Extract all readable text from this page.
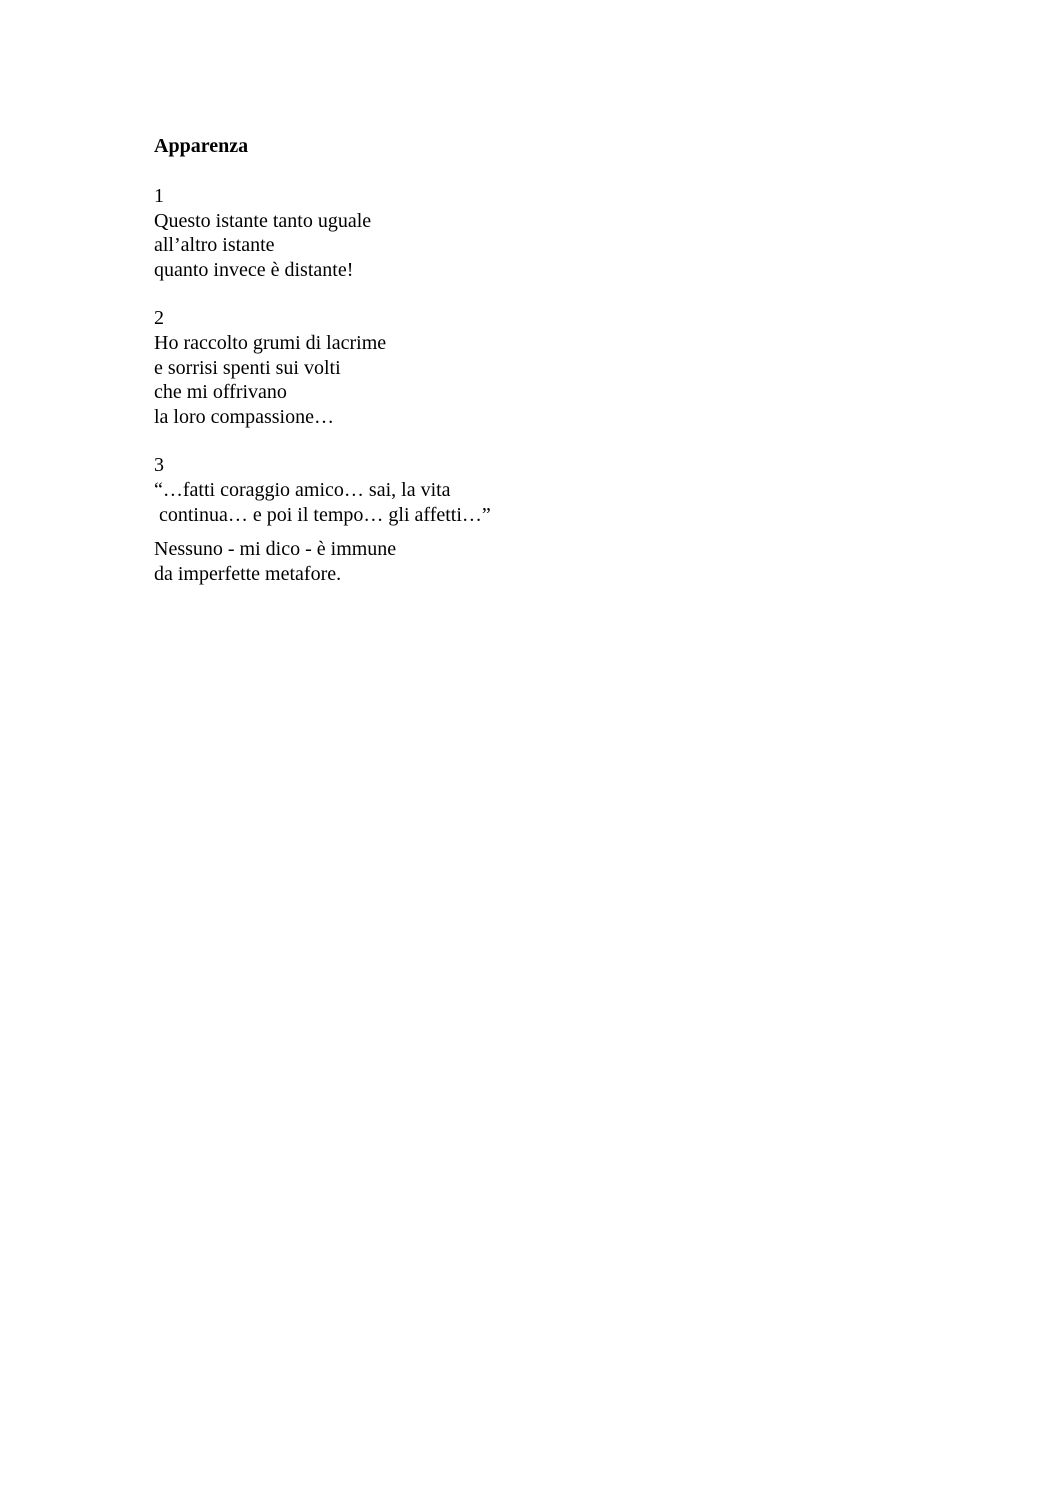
Apparenza
1
Questo istante tanto uguale
all’altro istante
quanto invece è distante!
2
Ho raccolto grumi di lacrime
e sorrisi spenti sui volti
che mi offrivano
la loro compassione…
3
“…fatti coraggio amico… sai, la vita
continua… e poi il tempo… gli affetti…”
Nessuno - mi dico - è immune
da imperfette metafore.
